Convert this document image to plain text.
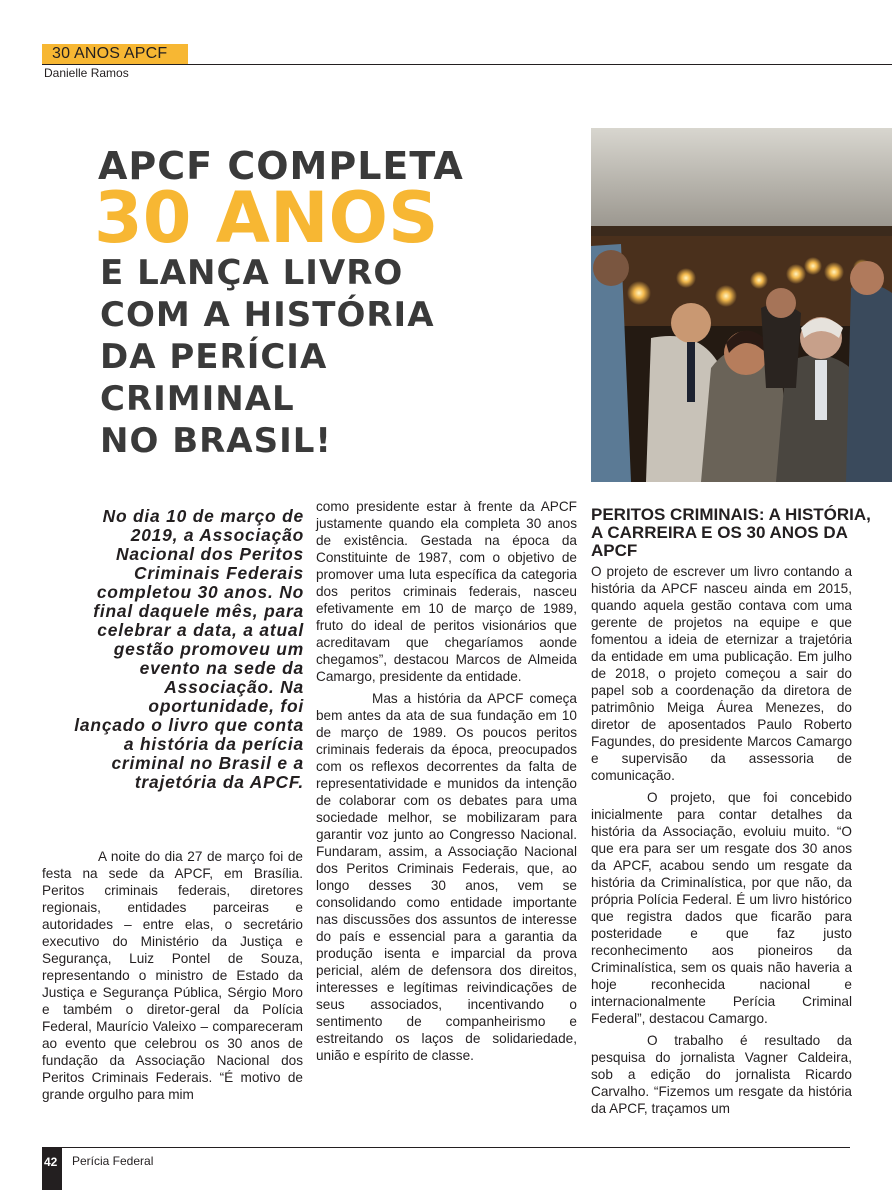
30 ANOS APCF
Danielle Ramos
APCF COMPLETA
30 ANOS
E LANÇA LIVRO
COM A HISTÓRIA
DA PERÍCIA
CRIMINAL
NO BRASIL!
No dia 10 de março de 2019, a Associação Nacional dos Peritos Criminais Federais completou 30 anos. No final daquele mês, para celebrar a data, a atual gestão promoveu um evento na sede da Associação. Na oportunidade, foi lançado o livro que conta a história da perícia criminal no Brasil e a trajetória da APCF.

A noite do dia 27 de março foi de festa na sede da APCF, em Brasília. Peritos criminais federais, diretores regionais, entidades parceiras e autoridades – entre elas, o secretário executivo do Ministério da Justiça e Segurança, Luiz Pontel de Souza, representando o ministro de Estado da Justiça e Segurança Pública, Sérgio Moro e também o diretor-geral da Polícia Federal, Maurício Valeixo – compareceram ao evento que celebrou os 30 anos de fundação da Associação Nacional dos Peritos Criminais Federais. “É motivo de grande orgulho para mim

como presidente estar à frente da APCF justamente quando ela completa 30 anos de existência. Gestada na época da Constituinte de 1987, com o objetivo de promover uma luta específica da categoria dos peritos criminais federais, nasceu efetivamente em 10 de março de 1989, fruto do ideal de peritos visionários que acreditavam que chegaríamos aonde chegamos”, destacou Marcos de Almeida Camargo, presidente da entidade.

Mas a história da APCF começa bem antes da ata de sua fundação em 10 de março de 1989. Os poucos peritos criminais federais da época, preocupados com os reflexos decorrentes da falta de representatividade e munidos da intenção de colaborar com os debates para uma sociedade melhor, se mobilizaram para garantir voz junto ao Congresso Nacional. Fundaram, assim, a Associação Nacional dos Peritos Criminais Federais, que, ao longo desses 30 anos, vem se consolidando como entidade importante nas discussões dos assuntos de interesse do país e essencial para a garantia da produção isenta e imparcial da prova pericial, além de defensora dos direitos, interesses e legítimas reivindicações de seus associados, incentivando o sentimento de companheirismo e estreitando os laços de solidariedade, união e espírito de classe.

PERITOS CRIMINAIS: A HISTÓRIA, A CARREIRA E OS 30 ANOS DA APCF

O projeto de escrever um livro contando a história da APCF nasceu ainda em 2015, quando aquela gestão contava com uma gerente de projetos na equipe e que fomentou a ideia de eternizar a trajetória da entidade em uma publicação. Em julho de 2018, o projeto começou a sair do papel sob a coordenação da diretora de patrimônio Meiga Áurea Menezes, do diretor de aposentados Paulo Roberto Fagundes, do presidente Marcos Camargo e supervisão da assessoria de comunicação.

O projeto, que foi concebido inicialmente para contar detalhes da história da Associação, evoluiu muito. “O que era para ser um resgate dos 30 anos da APCF, acabou sendo um resgate da história da Criminalística, por que não, da própria Polícia Federal. É um livro histórico que registra dados que ficarão para posteridade e que faz justo reconhecimento aos pioneiros da Criminalística, sem os quais não haveria a hoje reconhecida nacional e internacionalmente Perícia Criminal Federal”, destacou Camargo.

O trabalho é resultado da pesquisa do jornalista Vagner Caldeira, sob a edição do jornalista Ricardo Carvalho. “Fizemos um resgate da história da APCF, traçamos um

42 Perícia Federal
